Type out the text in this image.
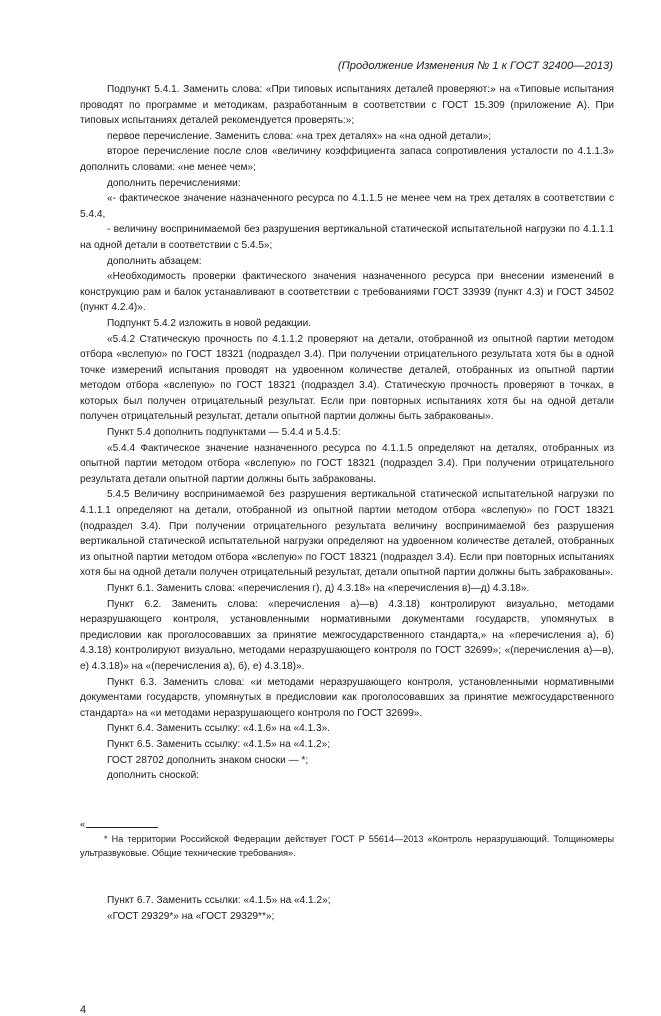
(Продолжение Изменения № 1 к ГОСТ 32400—2013)

Подпункт 5.4.1. Заменить слова: «При типовых испытаниях деталей проверяют:» на «Типовые испытания проводят по программе и методикам, разработанным в соответствии с ГОСТ 15.309 (приложение А). При типовых испытаниях деталей рекомендуется проверять:»;

первое перечисление. Заменить слова: «на трех деталях» на «на одной детали»;

второе перечисление после слов «величину коэффициента запаса сопротивления усталости по 4.1.1.3» дополнить словами: «не менее чем»;

дополнить перечислениями:

«- фактическое значение назначенного ресурса по 4.1.1.5 не менее чем на трех деталях в соответствии с 5.4.4,

- величину воспринимаемой без разрушения вертикальной статической испытательной нагрузки по 4.1.1.1 на одной детали в соответствии с 5.4.5»;

дополнить абзацем:

«Необходимость проверки фактического значения назначенного ресурса при внесении изменений в конструкцию рам и балок устанавливают в соответствии с требованиями ГОСТ 33939 (пункт 4.3) и ГОСТ 34502 (пункт 4.2.4)».

Подпункт 5.4.2 изложить в новой редакции.

«5.4.2 Статическую прочность по 4.1.1.2 проверяют на детали, отобранной из опытной партии методом отбора «вслепую» по ГОСТ 18321 (подраздел 3.4). При получении отрицательного результата хотя бы в одной точке измерений испытания проводят на удвоенном количестве деталей, отобранных из опытной партии методом отбора «вслепую» по ГОСТ 18321 (подраздел 3.4). Статическую прочность проверяют в точках, в которых был получен отрицательный результат. Если при повторных испытаниях хотя бы на одной детали получен отрицательный результат, детали опытной партии должны быть забракованы».

Пункт 5.4 дополнить подпунктами — 5.4.4 и 5.4.5:

«5.4.4 Фактическое значение назначенного ресурса по 4.1.1.5 определяют на деталях, отобранных из опытной партии методом отбора «вслепую» по ГОСТ 18321 (подраздел 3.4). При получении отрицательного результата детали опытной партии должны быть забракованы.

5.4.5 Величину воспринимаемой без разрушения вертикальной статической испытательной нагрузки по 4.1.1.1 определяют на детали, отобранной из опытной партии методом отбора «вслепую» по ГОСТ 18321 (подраздел 3.4). При получении отрицательного результата величину воспринимаемой без разрушения вертикальной статической испытательной нагрузки определяют на удвоенном количестве деталей, отобранных из опытной партии методом отбора «вслепую» по ГОСТ 18321 (подраздел 3.4). Если при повторных испытаниях хотя бы на одной детали получен отрицательный результат, детали опытной партии должны быть забракованы».

Пункт 6.1. Заменить слова: «перечисления г), д) 4.3.18» на «перечисления в)—д) 4.3.18».

Пункт 6.2. Заменить слова: «перечисления а)—в) 4.3.18) контролируют визуально, методами неразрушающего контроля, установленными нормативными документами государств, упомянутых в предисловии как проголосовавших за принятие межгосударственного стандарта,» на «перечисления а), б) 4.3.18) контролируют визуально, методами неразрушающего контроля по ГОСТ 32699»; «(перечисления а)—в), е) 4.3.18)» на «(перечисления а), б), е) 4.3.18)».

Пункт 6.3. Заменить слова: «и методами неразрушающего контроля, установленными нормативными документами государств, упомянутых в предисловии как проголосовавших за принятие межгосударственного стандарта» на «и методами неразрушающего контроля по ГОСТ 32699».

Пункт 6.4. Заменить ссылку: «4.1.6» на «4.1.3».

Пункт 6.5. Заменить ссылку: «4.1.5» на «4.1.2»;

ГОСТ 28702 дополнить знаком сноски — *;

дополнить сноской:

«

* На территории Российской Федерации действует ГОСТ Р 55614—2013 «Контроль неразрушающий. Толщиномеры ультразвуковые. Общие технические требования».

Пункт 6.7. Заменить ссылки: «4.1.5» на «4.1.2»;

«ГОСТ 29329*» на «ГОСТ 29329**»;

4
